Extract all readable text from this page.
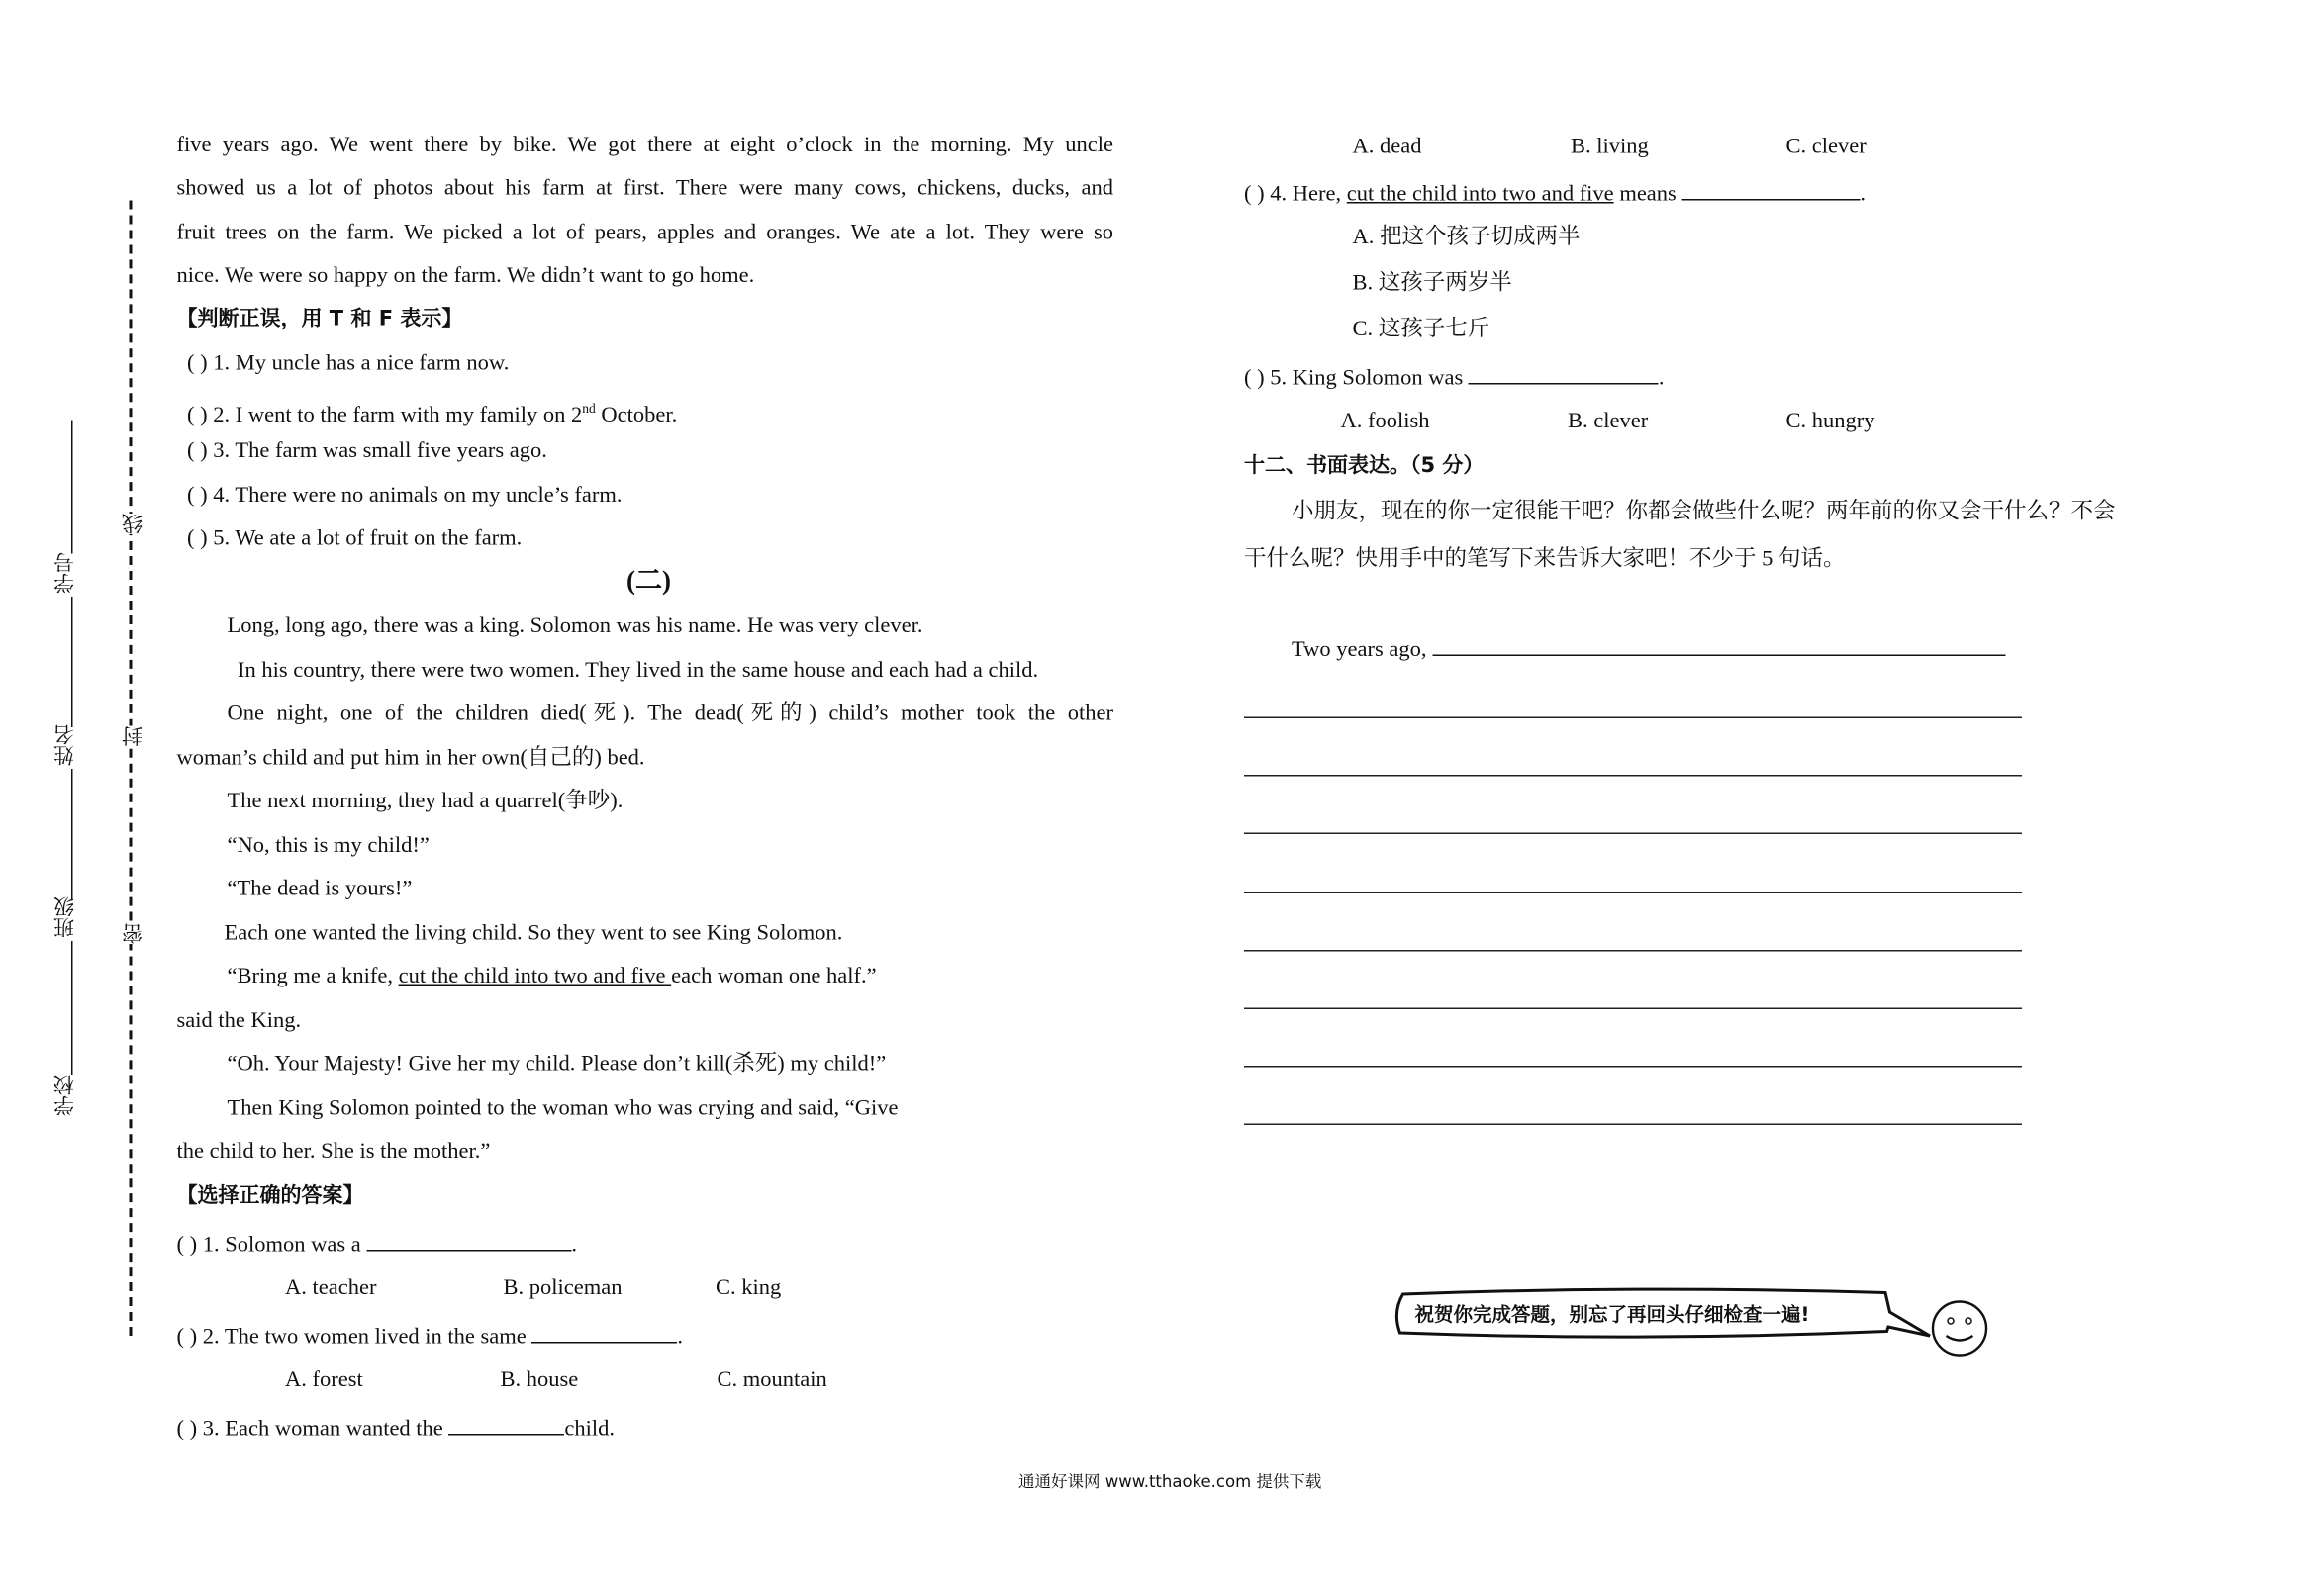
学号
姓名
班级
学校
线
封
密
five years ago. We went there by bike. We got there at eight o’clock in the morning. My uncle
showed us a lot of photos about his farm at first. There were many cows, chickens, ducks, and
fruit trees on the farm. We picked a lot of pears, apples and oranges. We ate a lot. They were so
nice. We were so happy on the farm. We didn’t want to go home.
【判断正误，用 T 和 F 表示】
( ) 1. My uncle has a nice farm now.
( ) 2. I went to the farm with my family on 2nd October.
( ) 3. The farm was small five years ago.
( ) 4. There were no animals on my uncle’s farm.
( ) 5. We ate a lot of fruit on the farm.
(二)
Long, long ago, there was a king. Solomon was his name. He was very clever.
In his country, there were two women. They lived in the same house and each had a child.
One night, one of the children died(死). The dead(死的) child’s mother took the other
woman’s child and put him in her own(自己的) bed.
The next morning, they had a quarrel(争吵).
“No, this is my child!”
“The dead is yours!”
Each one wanted the living child. So they went to see King Solomon.
“Bring me a knife, cut the child into two and five each woman one half.”
said the King.
“Oh. Your Majesty! Give her my child. Please don’t kill(杀死) my child!”
Then King Solomon pointed to the woman who was crying and said, “Give
the child to her. She is the mother.”
【选择正确的答案】
( ) 1. Solomon was a	.
A. teacher	B. policeman	C. king
( ) 2. The two women lived in the same	.
A. forest	B. house	C. mountain
( ) 3. Each woman wanted the	child.
A. dead	B. living	C. clever
( ) 4. Here, cut the child into two and five means	.
A. 把这个孩子切成两半
B. 这孩子两岁半
C. 这孩子七斤
( ) 5. King Solomon was	.
A. foolish	B. clever	C. hungry
十二、书面表达。（5 分）
小朋友，现在的你一定很能干吧？你都会做些什么呢？两年前的你又会干什么？不会
干什么呢？快用手中的笔写下来告诉大家吧！不少于 5 句话。
Two years ago,
祝贺你完成答题，别忘了再回头仔细检查一遍!
通通好课网 www.tthaoke.com 提供下载
